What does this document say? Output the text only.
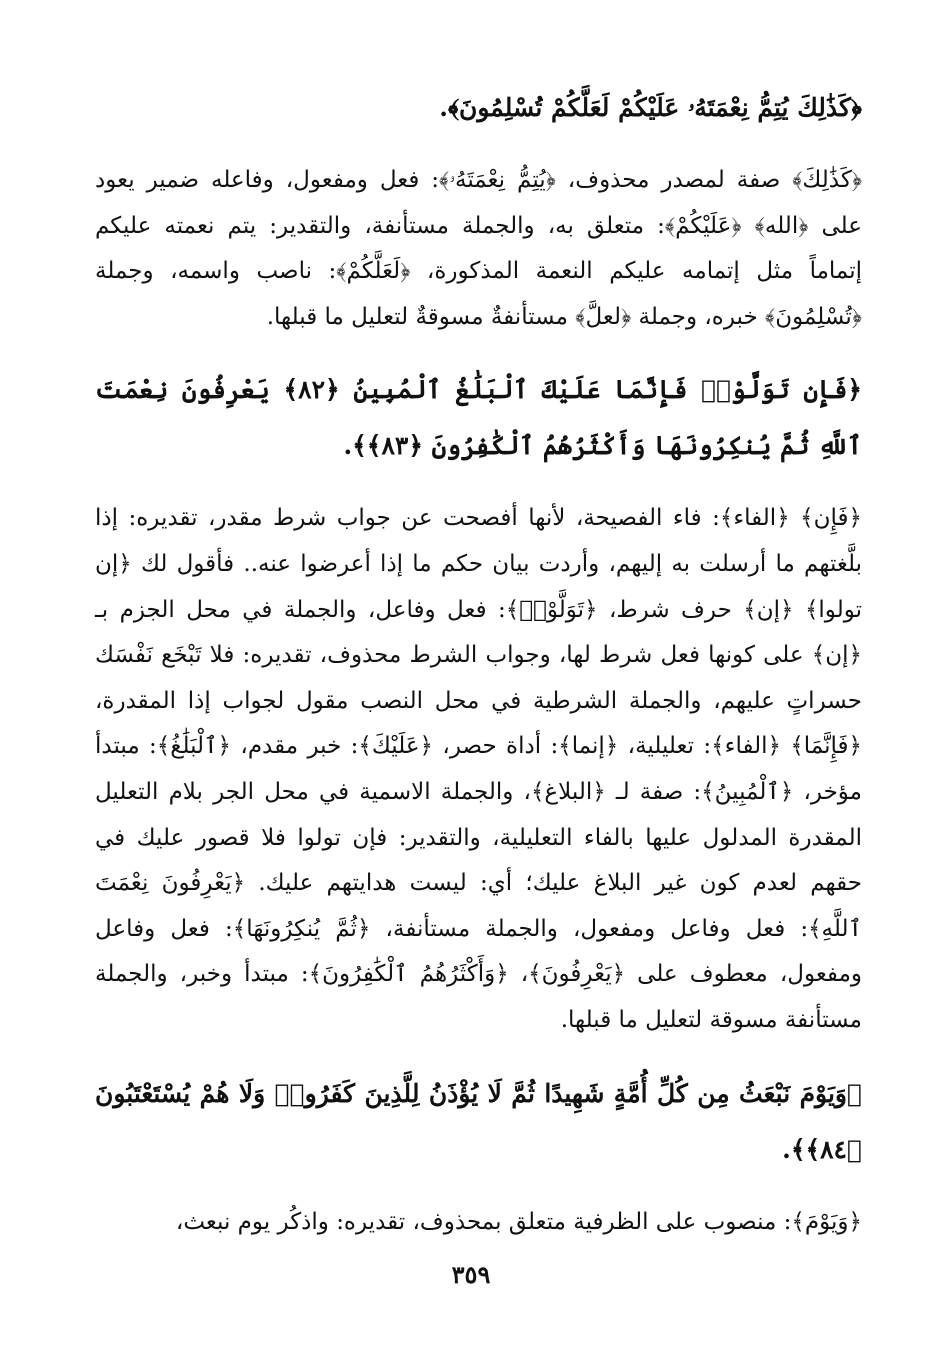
﴿كَذَٰلِكَ يُتِمُّ نِعْمَتَهُۥ عَلَيْكُمْ لَعَلَّكُمْ تُسْلِمُونَ﴾.

﴿كَذَٰلِكَ﴾ صفة لمصدر محذوف، ﴿يُتِمُّ نِعْمَتَهُۥ﴾: فعل ومفعول، وفاعله ضمير يعود على ﴿الله﴾ ﴿عَلَيْكُمْ﴾: متعلق به، والجملة مستأنفة، والتقدير: يتم نعمته عليكم إتماماً مثل إتمامه عليكم النعمة المذكورة، ﴿لَعَلَّكُمْ﴾: ناصب واسمه، وجملة ﴿تُسْلِمُونَ﴾ خبره، وجملة ﴿لعلَّ﴾ مستأنفةٌ مسوقةٌ لتعليل ما قبلها.

﴿فَإِن تَوَلَّوْا۟ فَإِنَّمَا عَلَيْكَ ٱلْبَلَٰغُ ٱلْمُبِينُ ﴿٨٢﴾ يَعْرِفُونَ نِعْمَتَ ٱللَّهِ ثُمَّ يُنكِرُونَهَا وَأَكْثَرُهُمُ ٱلْكَٰفِرُونَ ﴿٨٣﴾﴾.

﴿فَإِن﴾ ﴿الفاء﴾: فاء الفصيحة، لأنها أفصحت عن جواب شرط مقدر، تقديره: إذا بلَّغتهم ما أرسلت به إليهم، وأردت بيان حكم ما إذا أعرضوا عنه.. فأقول لك ﴿إن تولوا﴾ ﴿إن﴾ حرف شرط، ﴿تَوَلَّوْا۟﴾: فعل وفاعل، والجملة في محل الجزم بـ ﴿إن﴾ على كونها فعل شرط لها، وجواب الشرط محذوف، تقديره: فلا تَبْخَع نَفْسَك حسراتٍ عليهم، والجملة الشرطية في محل النصب مقول لجواب إذا المقدرة، ﴿فَإِنَّمَا﴾ ﴿الفاء﴾: تعليلية، ﴿إنما﴾: أداة حصر، ﴿عَلَيْكَ﴾: خبر مقدم، ﴿ٱلْبَلَٰغُ﴾: مبتدأ مؤخر، ﴿ٱلْمُبِينُ﴾: صفة لـ ﴿البلاغ﴾، والجملة الاسمية في محل الجر بلام التعليل المقدرة المدلول عليها بالفاء التعليلية، والتقدير: فإن تولوا فلا قصور عليك في حقهم لعدم كون غير البلاغ عليك؛ أي: ليست هدايتهم عليك. ﴿يَعْرِفُونَ نِعْمَتَ ٱللَّهِ﴾: فعل وفاعل ومفعول، والجملة مستأنفة، ﴿ثُمَّ يُنكِرُونَهَا﴾: فعل وفاعل ومفعول، معطوف على ﴿يَعْرِفُونَ﴾، ﴿وَأَكْثَرُهُمُ ٱلْكَٰفِرُونَ﴾: مبتدأ وخبر، والجملة مستأنفة مسوقة لتعليل ما قبلها.

﴿وَيَوْمَ نَبْعَثُ مِن كُلِّ أُمَّةٍ شَهِيدًا ثُمَّ لَا يُؤْذَنُ لِلَّذِينَ كَفَرُوا۟ وَلَا هُمْ يُسْتَعْتَبُونَ ﴿٨٤﴾﴾.

﴿وَيَوْمَ﴾: منصوب على الظرفية متعلق بمحذوف، تقديره: واذكُر يوم نبعث،

٣٥٩
